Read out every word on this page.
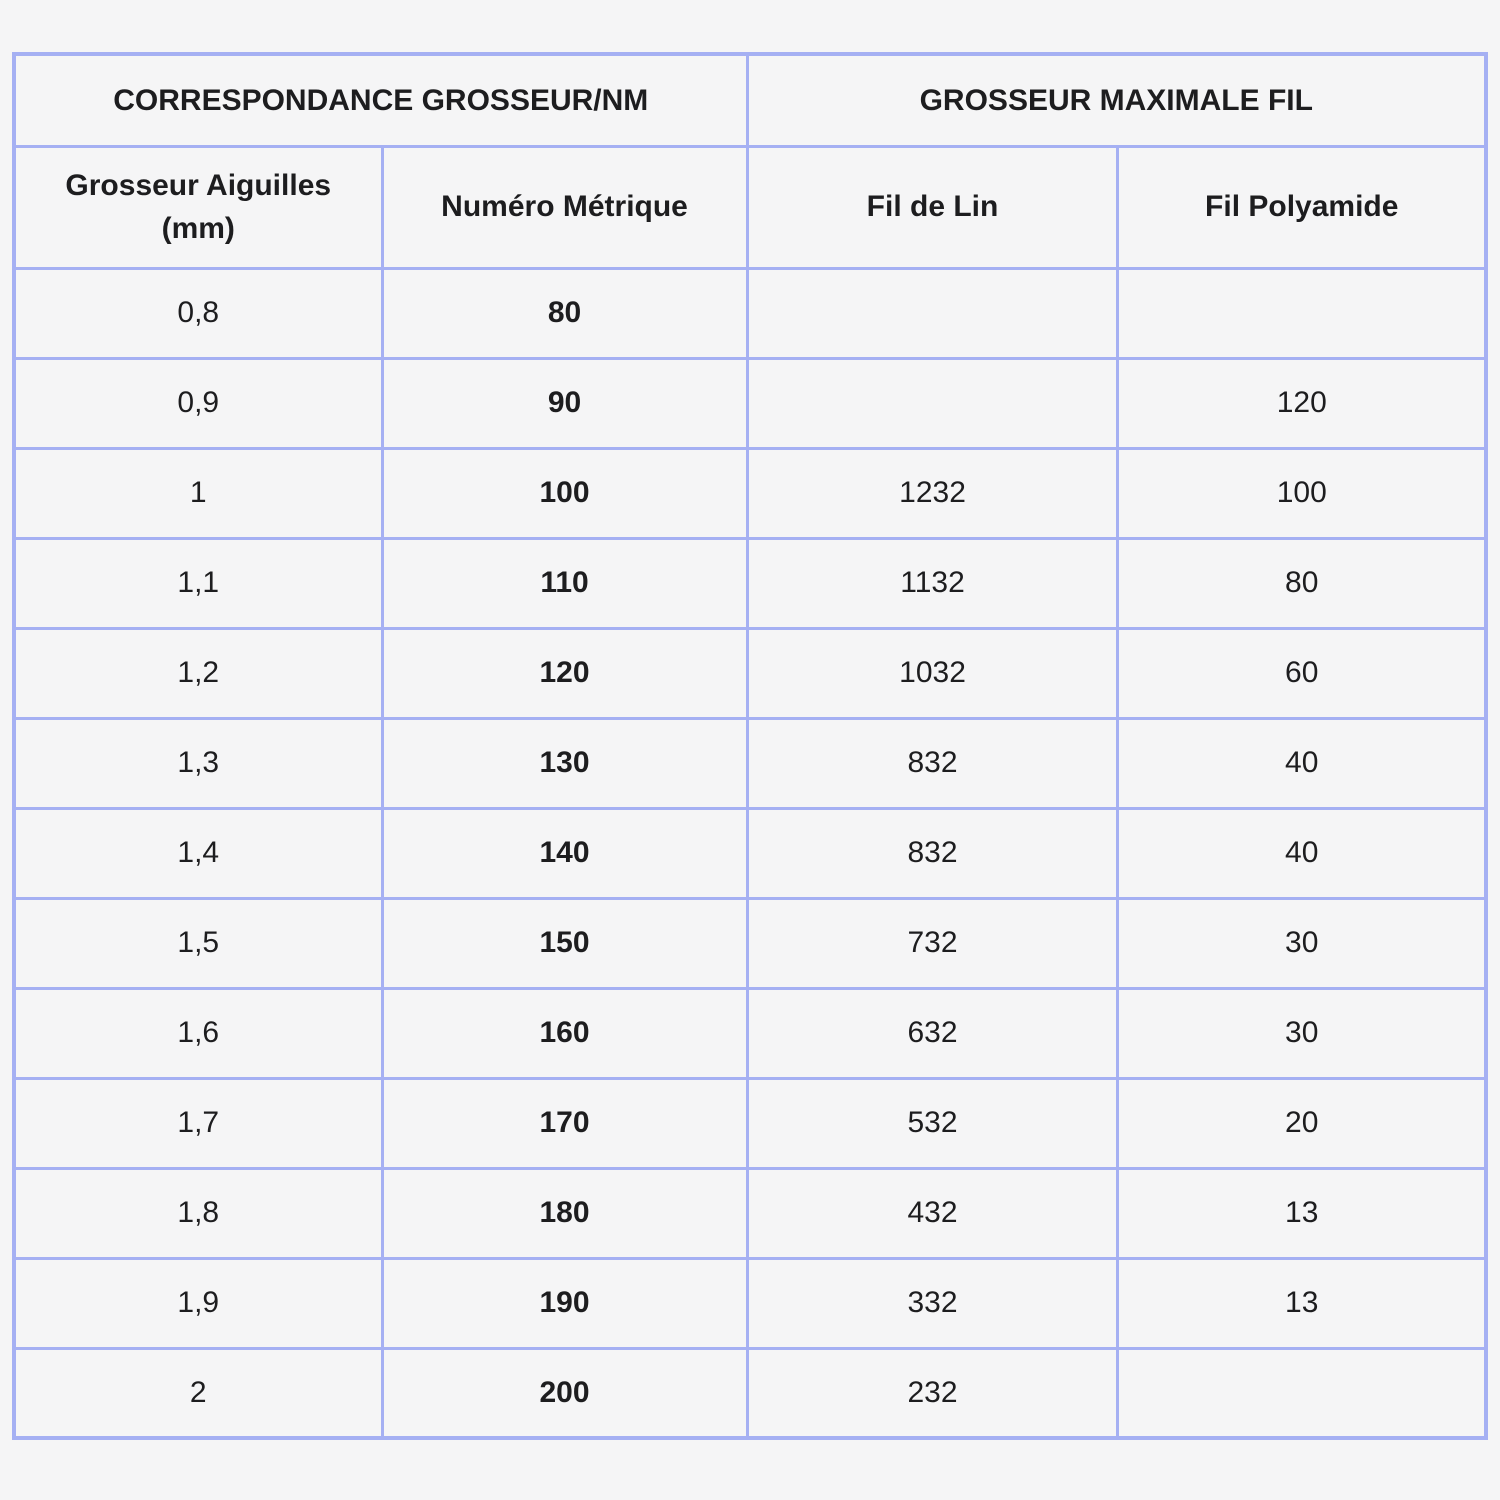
CORRESPONDANCE GROSSEUR/NM		GROSSEUR MAXIMALE FIL	
Grosseur Aiguilles (mm)	Numéro Métrique	Fil de Lin	Fil Polyamide
0,8	80		
0,9	90		120
1	100	1232	100
1,1	110	1132	80
1,2	120	1032	60
1,3	130	832	40
1,4	140	832	40
1,5	150	732	30
1,6	160	632	30
1,7	170	532	20
1,8	180	432	13
1,9	190	332	13
2	200	232	
